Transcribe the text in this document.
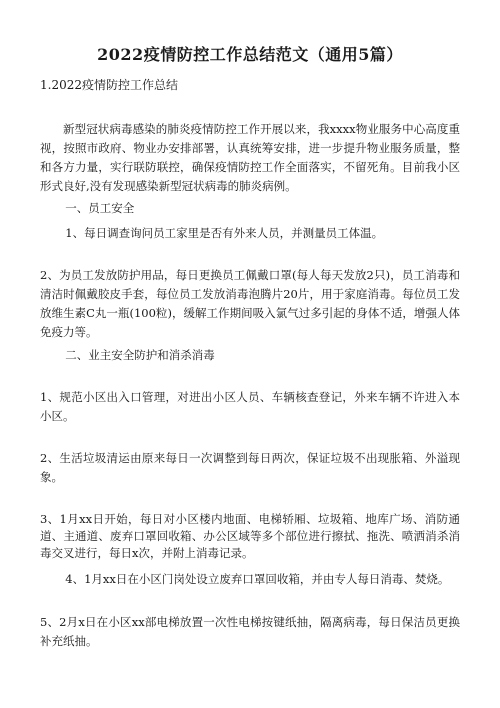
2022疫情防控工作总结范文（通用5篇）

1.2022疫情防控工作总结

新型冠状病毒感染的肺炎疫情防控工作开展以来，我xxxx物业服务中心高度重视，按照市政府、物业办安排部署，认真统筹安排，进一步提升物业服务质量，整和各方力量，实行联防联控，确保疫情防控工作全面落实，不留死角。目前我小区形式良好,没有发现感染新型冠状病毒的肺炎病例。

一、员工安全

1、每日调查询问员工家里是否有外来人员，并测量员工体温。

2、为员工发放防护用品，每日更换员工佩戴口罩(每人每天发放2只)，员工消毒和清洁时佩戴胶皮手套，每位员工发放消毒泡腾片20片，用于家庭消毒。每位员工发放维生素C丸一瓶(100粒)，缓解工作期间吸入氯气过多引起的身体不适，增强人体免疫力等。

二、业主安全防护和消杀消毒

1、规范小区出入口管理，对进出小区人员、车辆核查登记，外来车辆不许进入本小区。

2、生活垃圾清运由原来每日一次调整到每日两次，保证垃圾不出现胀箱、外溢现象。

3、1月xx日开始，每日对小区楼内地面、电梯轿厢、垃圾箱、地库广场、消防通道、主通道、废弃口罩回收箱、办公区域等多个部位进行擦拭、拖洗、喷洒消杀消毒交叉进行，每日x次，并附上消毒记录。

4、1月xx日在小区门岗处设立废弃口罩回收箱，并由专人每日消毒、焚烧。

5、2月x日在小区xx部电梯放置一次性电梯按键纸抽，隔离病毒，每日保洁员更换补充纸抽。
